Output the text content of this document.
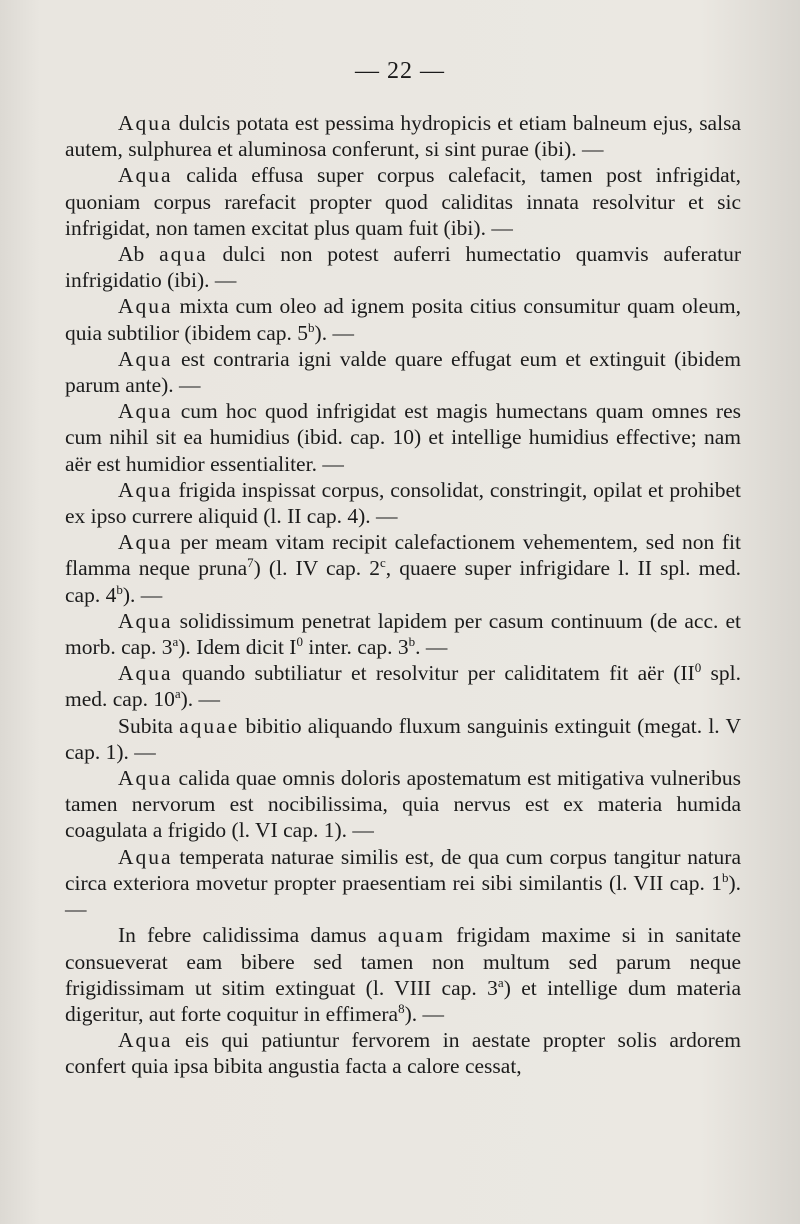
— 22 —

Aqua dulcis potata est pessima hydropicis et etiam balneum ejus, salsa autem, sulphurea et aluminosa conferunt, si sint purae (ibi). —

Aqua calida effusa super corpus calefacit, tamen post infrigidat, quoniam corpus rarefacit propter quod caliditas innata resolvitur et sic infrigidat, non tamen excitat plus quam fuit (ibi). —

Ab aqua dulci non potest auferri humectatio quamvis auferatur infrigidatio (ibi). —

Aqua mixta cum oleo ad ignem posita citius consumitur quam oleum, quia subtilior (ibidem cap. 5$^b$). —

Aqua est contraria igni valde quare effugat eum et extinguit (ibidem parum ante). —

Aqua cum hoc quod infrigidat est magis humectans quam omnes res cum nihil sit ea humidius (ibid. cap. 10) et intellige humidius effective; nam aër est humidior essentialiter. —

Aqua frigida inspissat corpus, consolidat, constringit, opilat et prohibet ex ipso currere aliquid (l. II cap. 4). —

Aqua per meam vitam recipit calefactionem vehementem, sed non fit flamma neque pruna$^7$) (l. IV cap. 2$^c$, quaere super infrigidare l. II spl. med. cap. 4$^b$). —

Aqua solidissimum penetrat lapidem per casum continuum (de acc. et morb. cap. 3$^a$). Idem dicit $I^0$ inter. cap. 3$^b$. —

Aqua quando subtiliatur et resolvitur per caliditatem fit aër ($II^0$ spl. med. cap. 10$^a$). —

Subita aquae bibitio aliquando fluxum sanguinis extinguit (megat. l. V cap. 1). —

Aqua calida quae omnis doloris apostematum est mitigativa vulneribus tamen nervorum est nocibilissima, quia nervus est ex materia humida coagulata a frigido (l. VI cap. 1). —

Aqua temperata naturae similis est, de qua cum corpus tangitur natura circa exteriora movetur propter praesentiam rei sibi similantis (l. VII cap. 1$^b$). —

In febre calidissima damus aquam frigidam maxime si in sanitate consueverat eam bibere sed tamen non multum sed parum neque frigidissimam ut sitim extinguat (l. VIII cap. 3$^a$) et intellige dum materia digeritur, aut forte coquitur in effimera$^8$). —

Aqua eis qui patiuntur fervorem in aestate propter solis ardorem confert quia ipsa bibita angustia facta a calore cessat,
